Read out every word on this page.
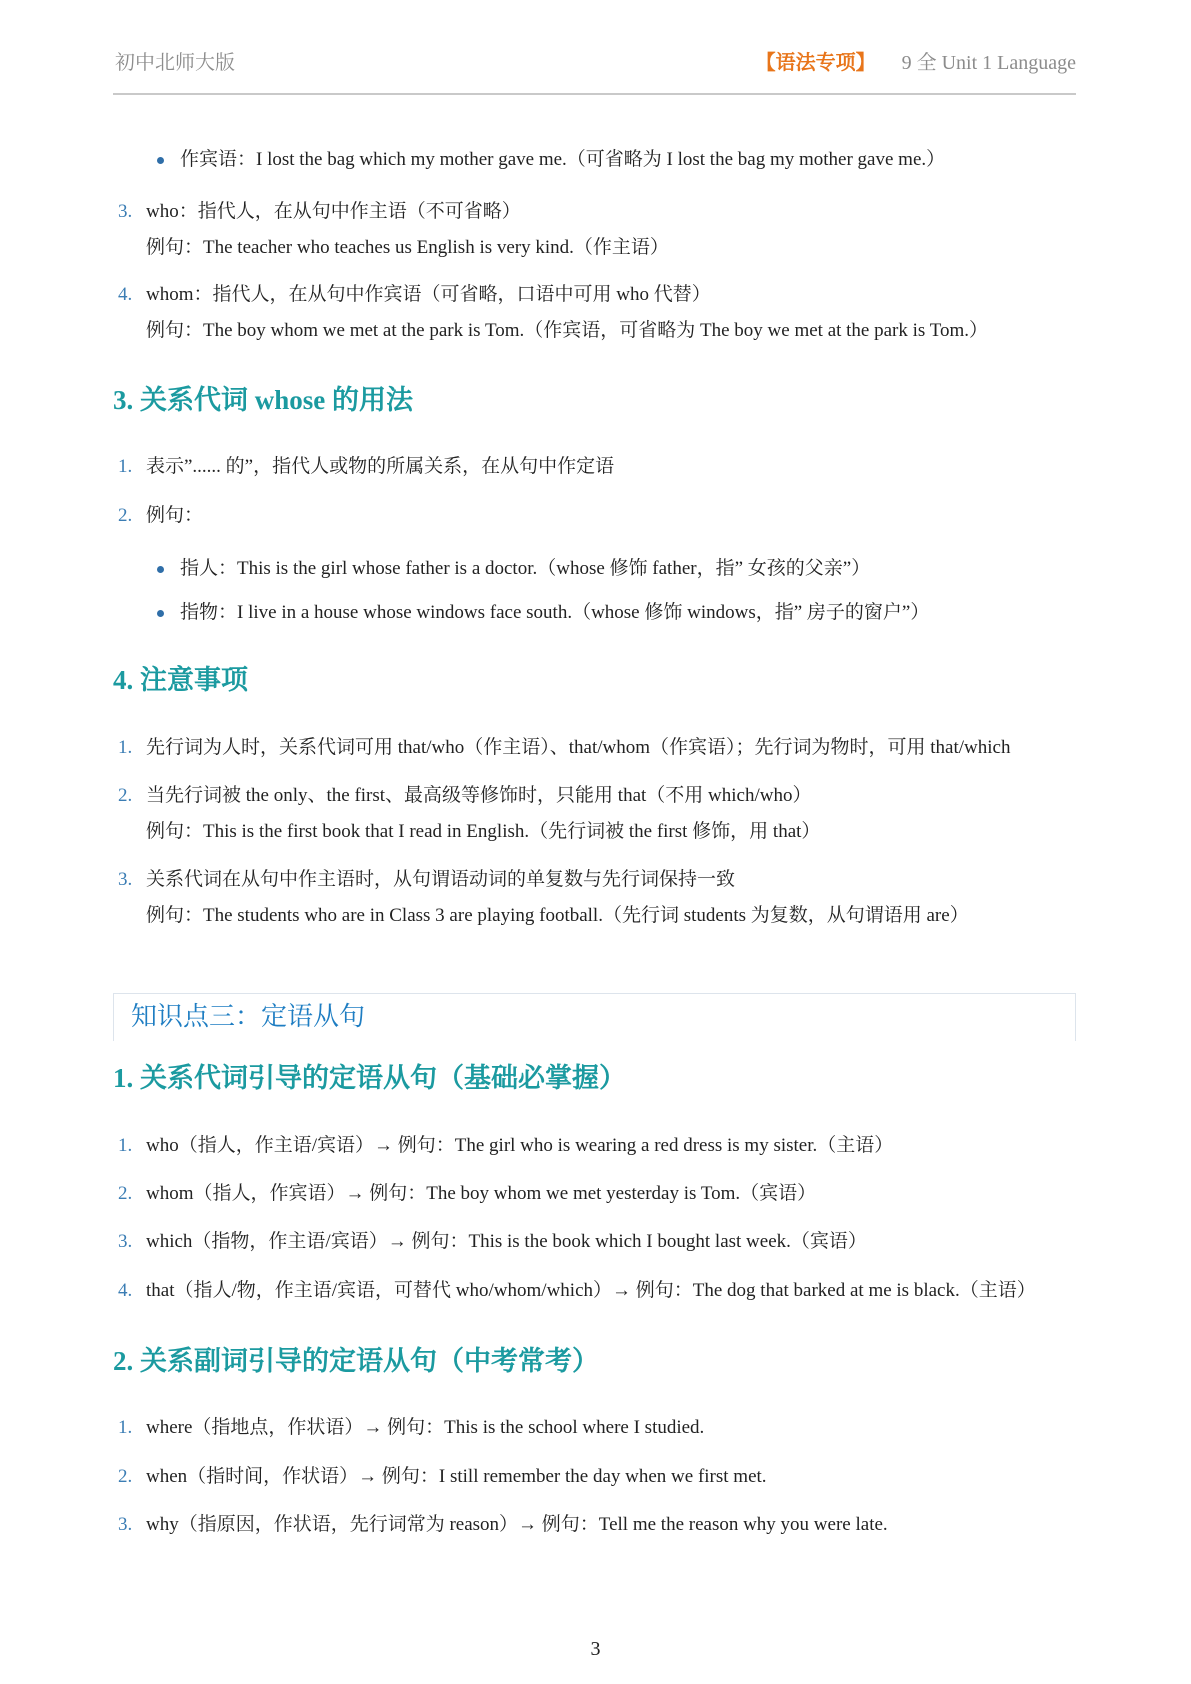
初中北师大版	【语法专项】 9 全 Unit 1 Language
作宾语：I lost the bag which my mother gave me.（可省略为 I lost the bag my mother gave me.）
3. who：指代人，在从句中作主语（不可省略）
例句：The teacher who teaches us English is very kind.（作主语）
4. whom：指代人，在从句中作宾语（可省略，口语中可用 who 代替）
例句：The boy whom we met at the park is Tom.（作宾语，可省略为 The boy we met at the park is Tom.）
3. 关系代词 whose 的用法
1. 表示”...... 的”，指代人或物的所属关系，在从句中作定语
2. 例句：
指人：This is the girl whose father is a doctor.（whose 修饰 father，指” 女孩的父亲”）
指物：I live in a house whose windows face south.（whose 修饰 windows，指” 房子的窗户”）
4. 注意事项
1. 先行词为人时，关系代词可用 that/who（作主语）、that/whom（作宾语）；先行词为物时，可用 that/which
2. 当先行词被 the only、the first、最高级等修饰时，只能用 that（不用 which/who）
例句：This is the first book that I read in English.（先行词被 the first 修饰，用 that）
3. 关系代词在从句中作主语时，从句谓语动词的单复数与先行词保持一致
例句：The students who are in Class 3 are playing football.（先行词 students 为复数，从句谓语用 are）
知识点三：定语从句
1. 关系代词引导的定语从句（基础必掌握）
1. who（指人，作主语/宾语）→ 例句：The girl who is wearing a red dress is my sister.（主语）
2. whom（指人，作宾语）→ 例句：The boy whom we met yesterday is Tom.（宾语）
3. which（指物，作主语/宾语）→ 例句：This is the book which I bought last week.（宾语）
4. that（指人/物，作主语/宾语，可替代 who/whom/which）→ 例句：The dog that barked at me is black.（主语）
2. 关系副词引导的定语从句（中考常考）
1. where（指地点，作状语）→ 例句：This is the school where I studied.
2. when（指时间，作状语）→ 例句：I still remember the day when we first met.
3. why（指原因，作状语，先行词常为 reason）→ 例句：Tell me the reason why you were late.
3
